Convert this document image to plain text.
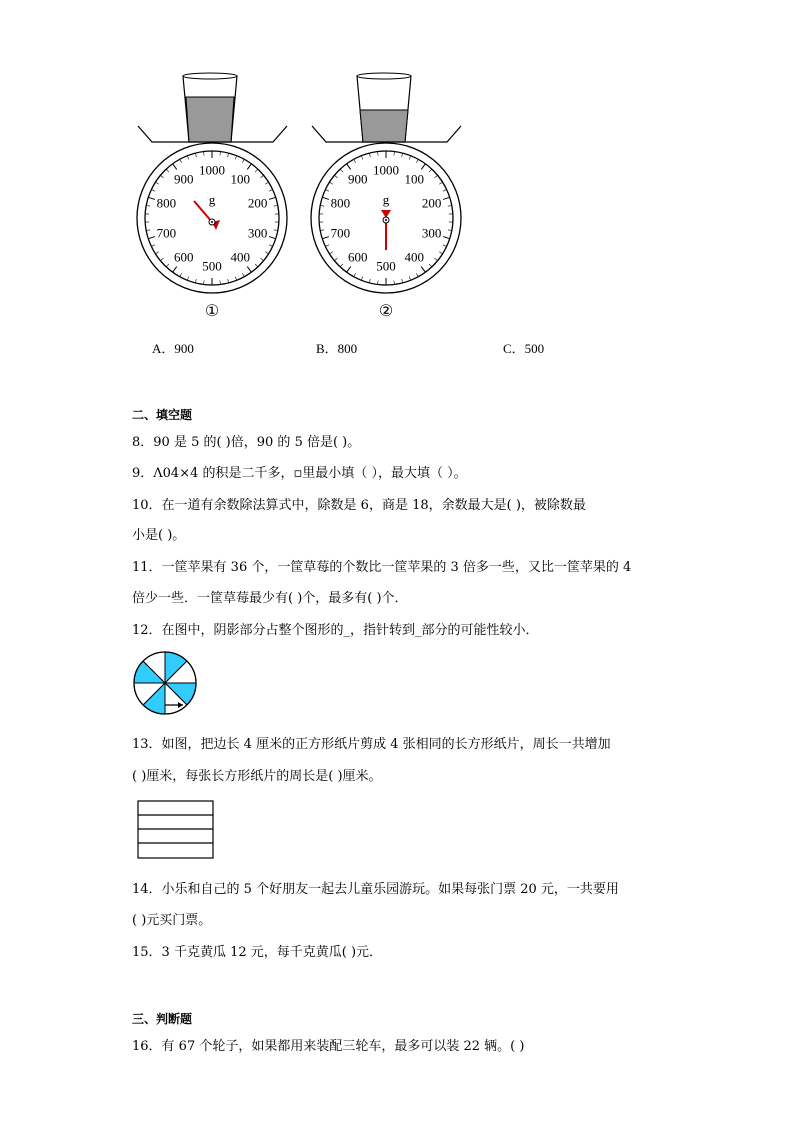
1000
100
200
300
400
500
600
700
800
900
g
①
1000
100
200
300
400
500
600
700
800
900
g
②
A．900	B．800	C．500
二、填空题
8．90 是 5 的( )倍，90 的 5 倍是( )。
9．Ʌ04×4 的积是二千多，▫里最小填（ ），最大填（ ）。
10．在一道有余数除法算式中，除数是 6，商是 18，余数最大是( )，被除数最
小是( )。
11．一筐苹果有 36 个，一筐草莓的个数比一筐苹果的 3 倍多一些，又比一筐苹果的 4
倍少一些．一筐草莓最少有( )个，最多有( )个．
12．在图中，阴影部分占整个图形的_，指针转到_部分的可能性较小．
13．如图，把边长 4 厘米的正方形纸片剪成 4 张相同的长方形纸片，周长一共增加
( )厘米，每张长方形纸片的周长是( )厘米。
14．小乐和自己的 5 个好朋友一起去儿童乐园游玩。如果每张门票 20 元，一共要用
( )元买门票。
15．3 千克黄瓜 12 元，每千克黄瓜( )元．
三、判断题
16．有 67 个轮子，如果都用来装配三轮车，最多可以装 22 辆。( )
